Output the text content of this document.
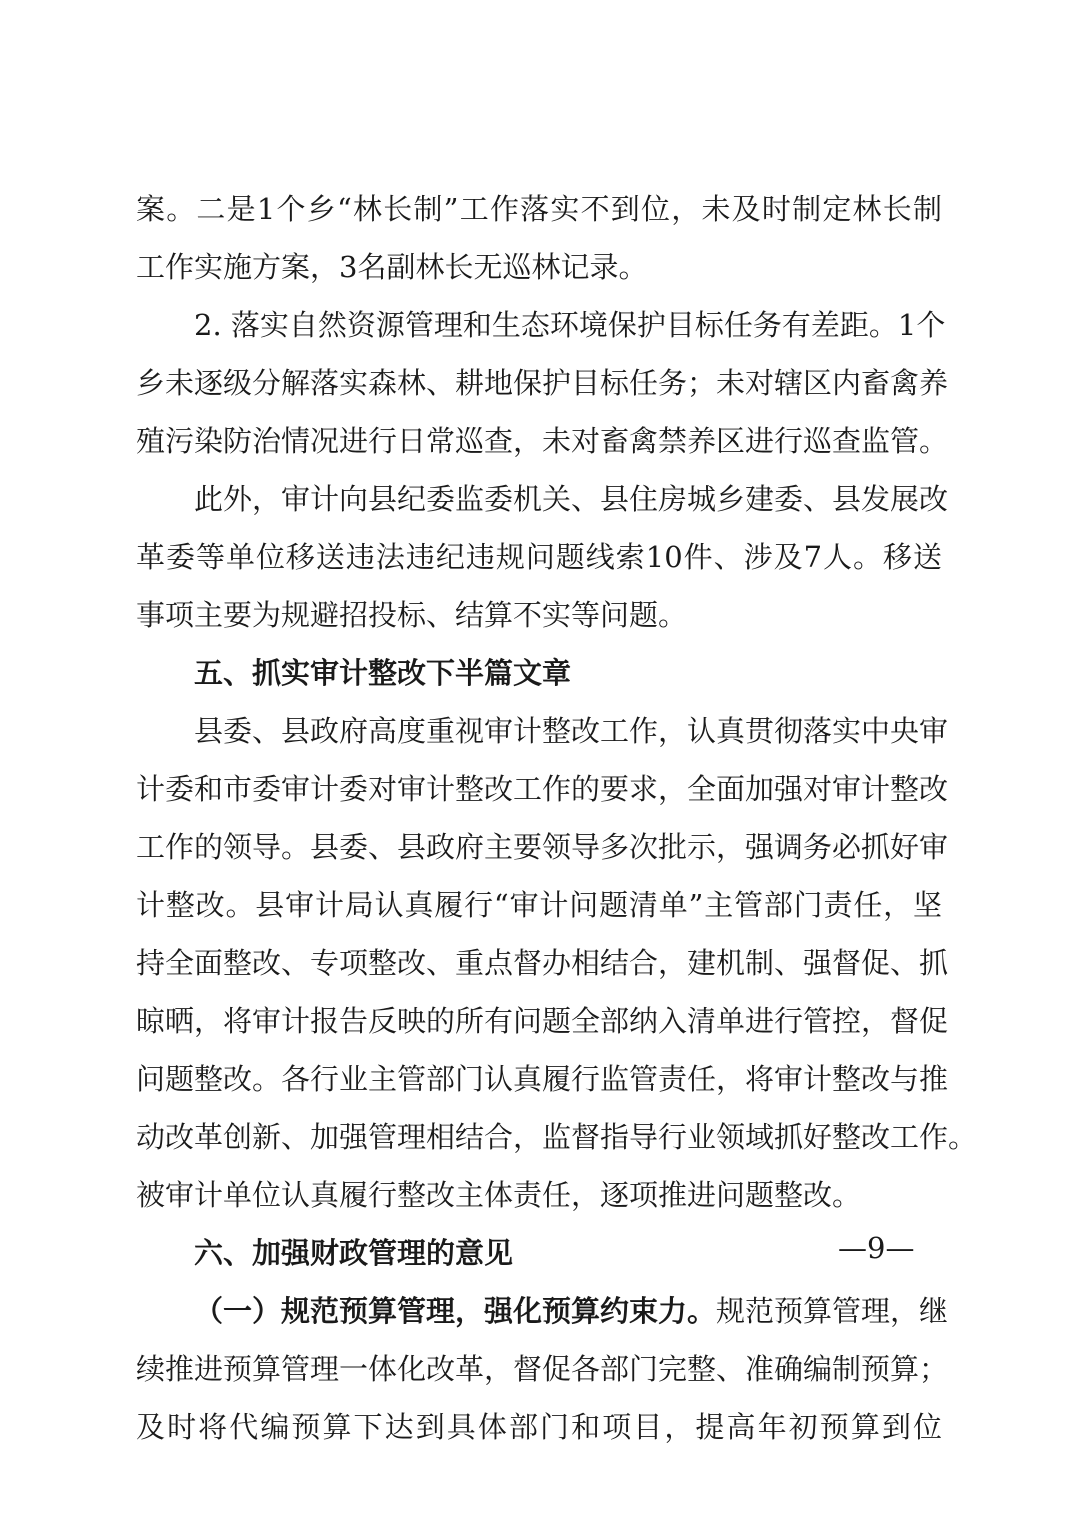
案。二是1个乡“林长制”工作落实不到位，未及时制定林长制
工作实施方案，3名副林长无巡林记录。
2. 落实自然资源管理和生态环境保护目标任务有差距。1个
乡未逐级分解落实森林、耕地保护目标任务；未对辖区内畜禽养
殖污染防治情况进行日常巡查，未对畜禽禁养区进行巡查监管。
此外，审计向县纪委监委机关、县住房城乡建委、县发展改
革委等单位移送违法违纪违规问题线索10件、涉及7人。移送
事项主要为规避招投标、结算不实等问题。
五、抓实审计整改下半篇文章
县委、县政府高度重视审计整改工作，认真贯彻落实中央审
计委和市委审计委对审计整改工作的要求，全面加强对审计整改
工作的领导。县委、县政府主要领导多次批示，强调务必抓好审
计整改。县审计局认真履行“审计问题清单”主管部门责任，坚
持全面整改、专项整改、重点督办相结合，建机制、强督促、抓
晾晒，将审计报告反映的所有问题全部纳入清单进行管控，督促
问题整改。各行业主管部门认真履行监管责任，将审计整改与推
动改革创新、加强管理相结合，监督指导行业领域抓好整改工作。
被审计单位认真履行整改主体责任，逐项推进问题整改。
六、加强财政管理的意见
（一）规范预算管理，强化预算约束力。规范预算管理，继
续推进预算管理一体化改革，督促各部门完整、准确编制预算；
及时将代编预算下达到具体部门和项目，提高年初预算到位
—9—
